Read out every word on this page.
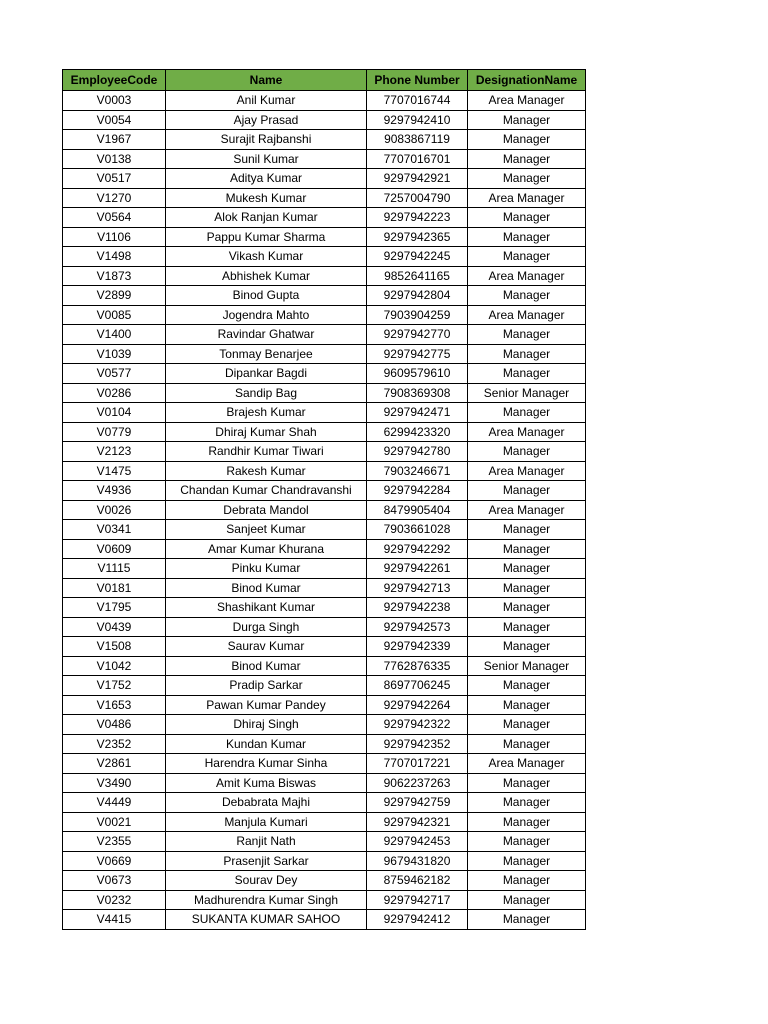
EmployeeCode	Name	Phone Number	DesignationName
V0003	Anil Kumar	7707016744	Area Manager
V0054	Ajay Prasad	9297942410	Manager
V1967	Surajit Rajbanshi	9083867119	Manager
V0138	Sunil Kumar	7707016701	Manager
V0517	Aditya Kumar	9297942921	Manager
V1270	Mukesh Kumar	7257004790	Area Manager
V0564	Alok Ranjan Kumar	9297942223	Manager
V1106	Pappu Kumar Sharma	9297942365	Manager
V1498	Vikash Kumar	9297942245	Manager
V1873	Abhishek Kumar	9852641165	Area Manager
V2899	Binod Gupta	9297942804	Manager
V0085	Jogendra Mahto	7903904259	Area Manager
V1400	Ravindar Ghatwar	9297942770	Manager
V1039	Tonmay Benarjee	9297942775	Manager
V0577	Dipankar Bagdi	9609579610	Manager
V0286	Sandip Bag	7908369308	Senior Manager
V0104	Brajesh Kumar	9297942471	Manager
V0779	Dhiraj Kumar Shah	6299423320	Area Manager
V2123	Randhir Kumar Tiwari	9297942780	Manager
V1475	Rakesh Kumar	7903246671	Area Manager
V4936	Chandan Kumar Chandravanshi	9297942284	Manager
V0026	Debrata Mandol	8479905404	Area Manager
V0341	Sanjeet Kumar	7903661028	Manager
V0609	Amar Kumar Khurana	9297942292	Manager
V1115	Pinku Kumar	9297942261	Manager
V0181	Binod Kumar	9297942713	Manager
V1795	Shashikant Kumar	9297942238	Manager
V0439	Durga Singh	9297942573	Manager
V1508	Saurav Kumar	9297942339	Manager
V1042	Binod Kumar	7762876335	Senior Manager
V1752	Pradip Sarkar	8697706245	Manager
V1653	Pawan Kumar Pandey	9297942264	Manager
V0486	Dhiraj Singh	9297942322	Manager
V2352	Kundan Kumar	9297942352	Manager
V2861	Harendra Kumar Sinha	7707017221	Area Manager
V3490	Amit Kuma Biswas	9062237263	Manager
V4449	Debabrata Majhi	9297942759	Manager
V0021	Manjula Kumari	9297942321	Manager
V2355	Ranjit Nath	9297942453	Manager
V0669	Prasenjit Sarkar	9679431820	Manager
V0673	Sourav Dey	8759462182	Manager
V0232	Madhurendra Kumar Singh	9297942717	Manager
V4415	SUKANTA KUMAR SAHOO	9297942412	Manager
